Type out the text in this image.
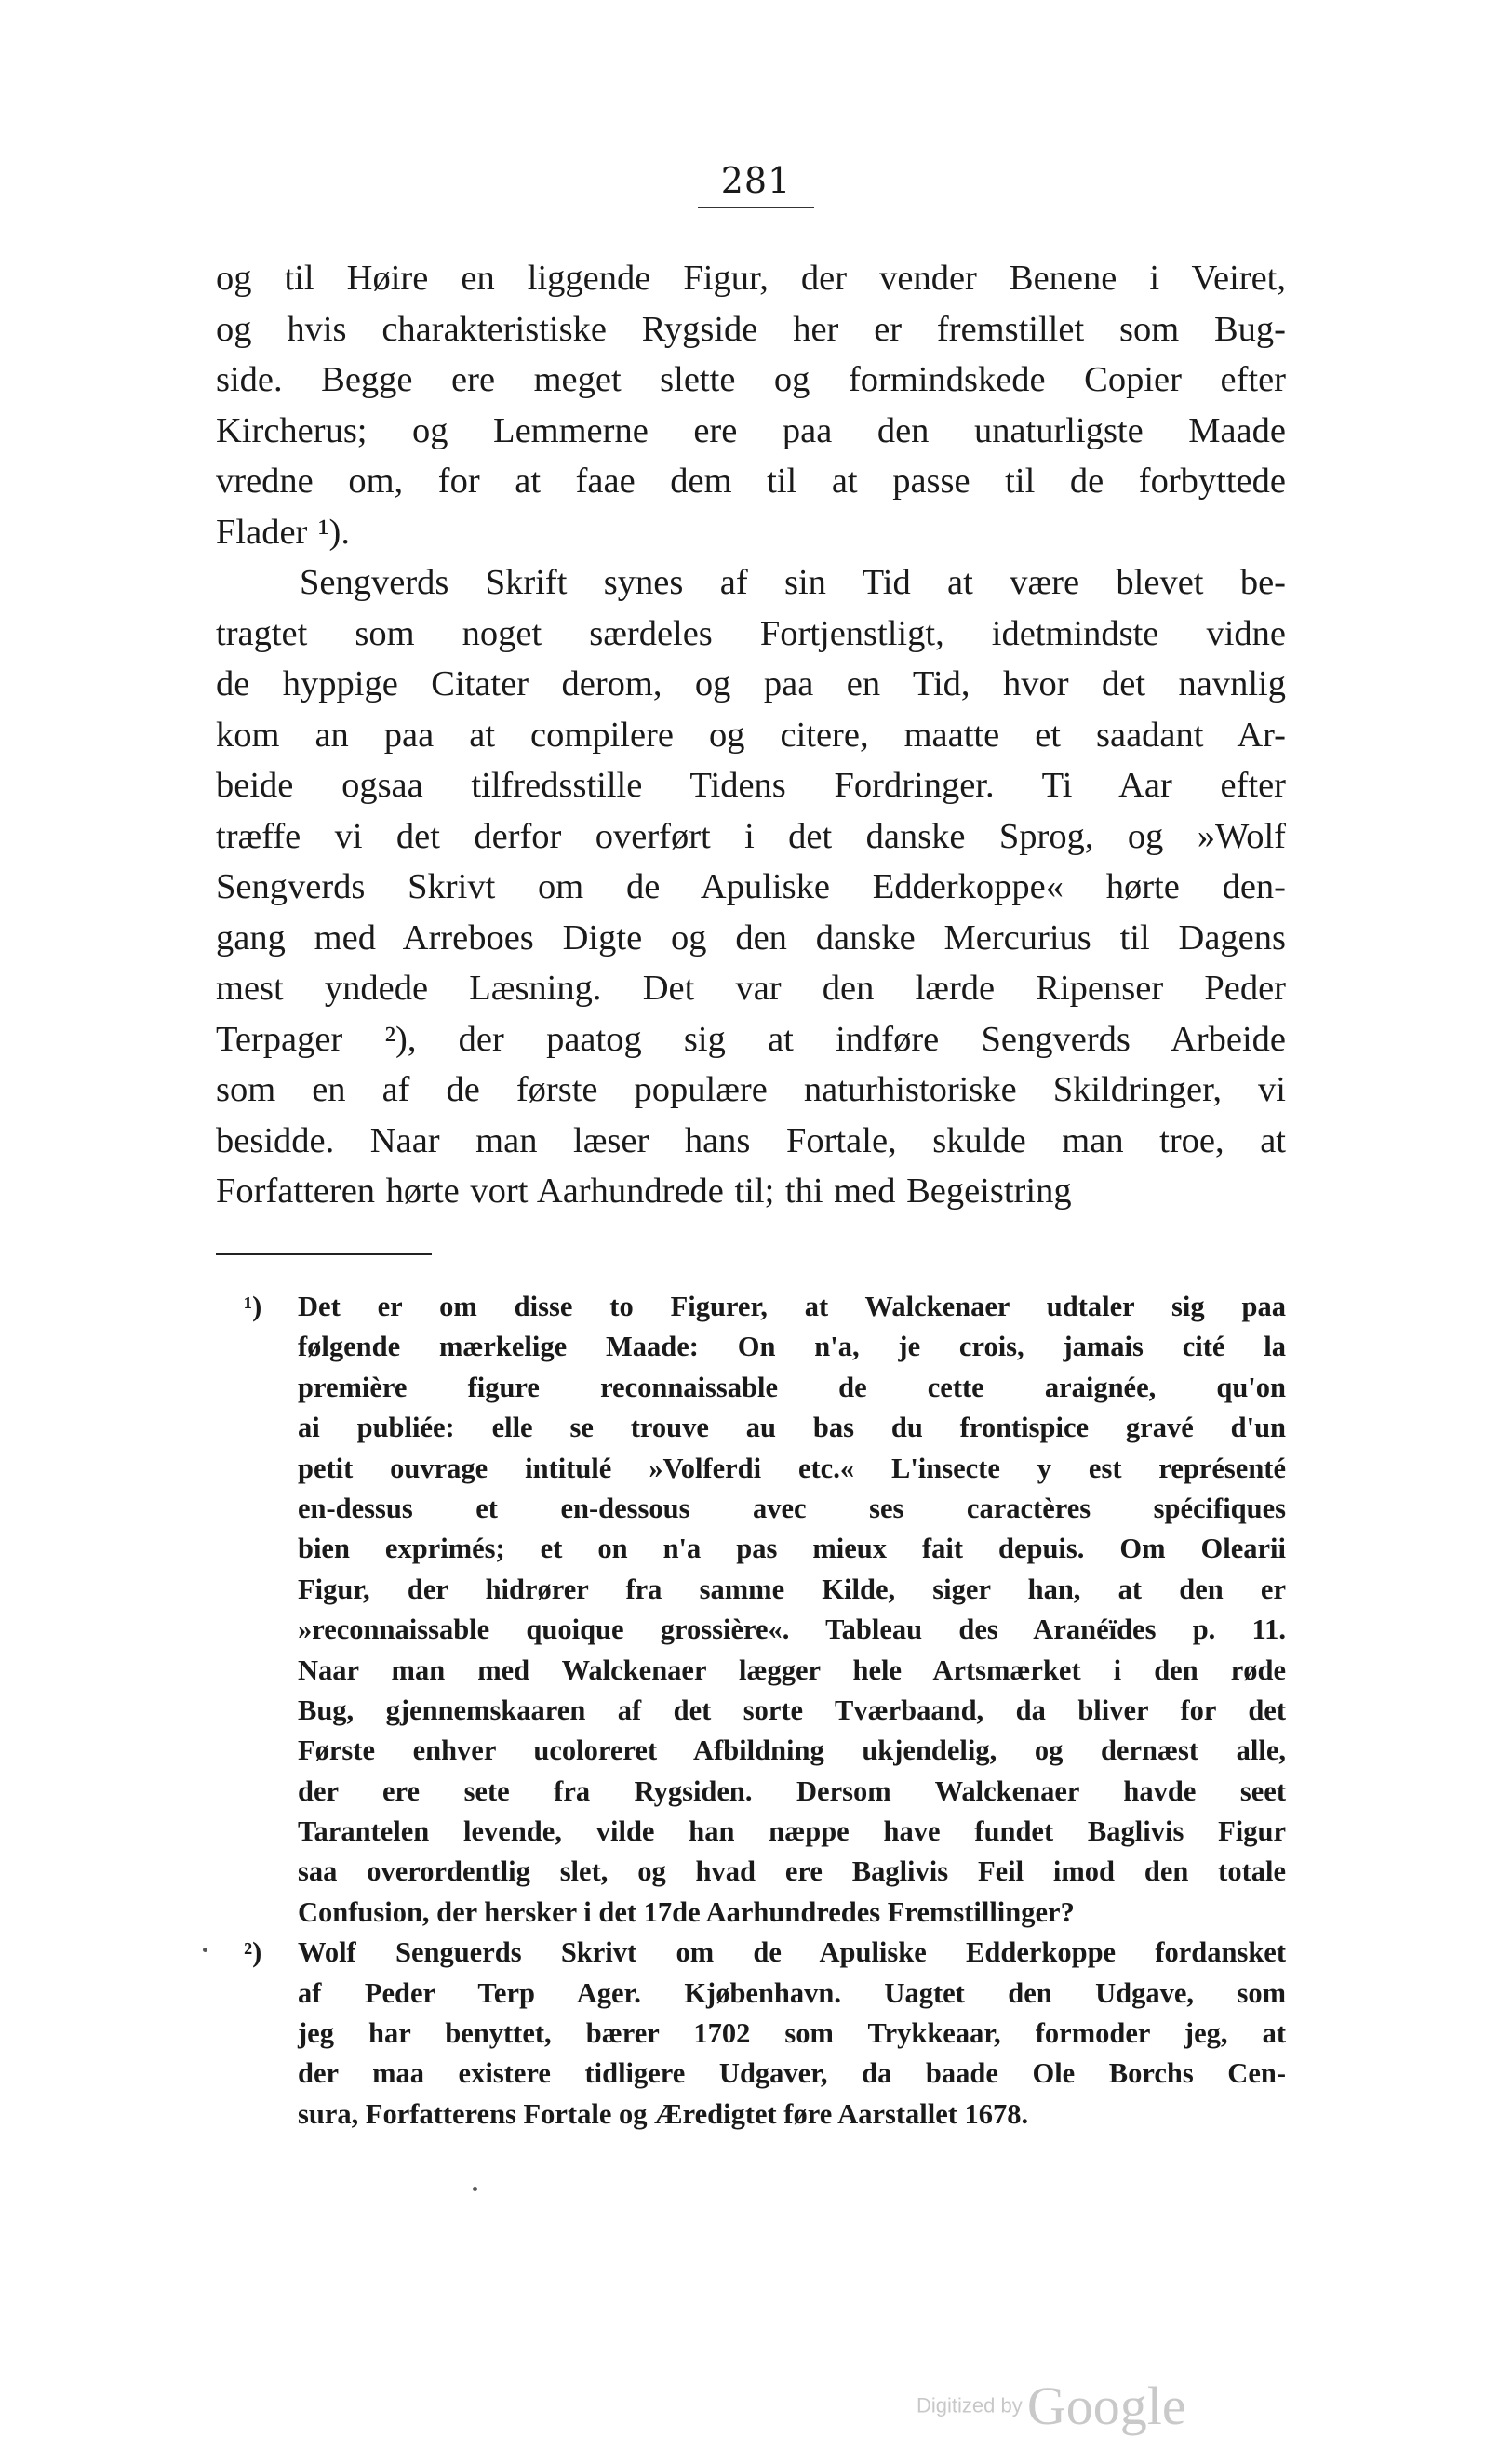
281
og til Høire en liggende Figur, der vender Benene i Veiret,
og hvis charakteristiske Rygside her er fremstillet som Bug-
side. Begge ere meget slette og formindskede Copier efter
Kircherus; og Lemmerne ere paa den unaturligste Maade
vredne om, for at faae dem til at passe til de forbyttede
Flader ¹).
Sengverds Skrift synes af sin Tid at være blevet be-
tragtet som noget særdeles Fortjenstligt, idetmindste vidne
de hyppige Citater derom, og paa en Tid, hvor det navnlig
kom an paa at compilere og citere, maatte et saadant Ar-
beide ogsaa tilfredsstille Tidens Fordringer. Ti Aar efter
træffe vi det derfor overført i det danske Sprog, og »Wolf
Sengverds Skrivt om de Apuliske Edderkoppe« hørte den-
gang med Arreboes Digte og den danske Mercurius til Dagens
mest yndede Læsning. Det var den lærde Ripenser Peder
Terpager ²), der paatog sig at indføre Sengverds Arbeide
som en af de første populære naturhistoriske Skildringer, vi
besidde. Naar man læser hans Fortale, skulde man troe, at
Forfatteren hørte vort Aarhundrede til; thi med Begeistring
¹) Det er om disse to Figurer, at Walckenaer udtaler sig paa
følgende mærkelige Maade: On n'a, je crois, jamais cité la
première figure reconnaissable de cette araignée, qu'on
ai publiée: elle se trouve au bas du frontispice gravé d'un
petit ouvrage intitulé »Volferdi etc.« L'insecte y est représenté
en-dessus et en-dessous avec ses caractères spécifiques
bien exprimés; et on n'a pas mieux fait depuis. Om Olearii
Figur, der hidrører fra samme Kilde, siger han, at den er
»reconnaissable quoique grossière«. Tableau des Aranéïdes p. 11.
Naar man med Walckenaer lægger hele Artsmærket i den røde
Bug, gjennemskaaren af det sorte Tværbaand, da bliver for det
Første enhver ucoloreret Afbildning ukjendelig, og dernæst alle,
der ere sete fra Rygsiden. Dersom Walckenaer havde seet
Tarantelen levende, vilde han næppe have fundet Baglivis Figur
saa overordentlig slet, og hvad ere Baglivis Feil imod den totale
Confusion, der hersker i det 17de Aarhundredes Fremstillinger?
²) Wolf Senguerds Skrivt om de Apuliske Edderkoppe fordansket
af Peder Terp Ager. Kjøbenhavn. Uagtet den Udgave, som
jeg har benyttet, bærer 1702 som Trykkeaar, formoder jeg, at
der maa existere tidligere Udgaver, da baade Ole Borchs Cen-
sura, Forfatterens Fortale og Æredigtet føre Aarstallet 1678.
Digitized by Google
